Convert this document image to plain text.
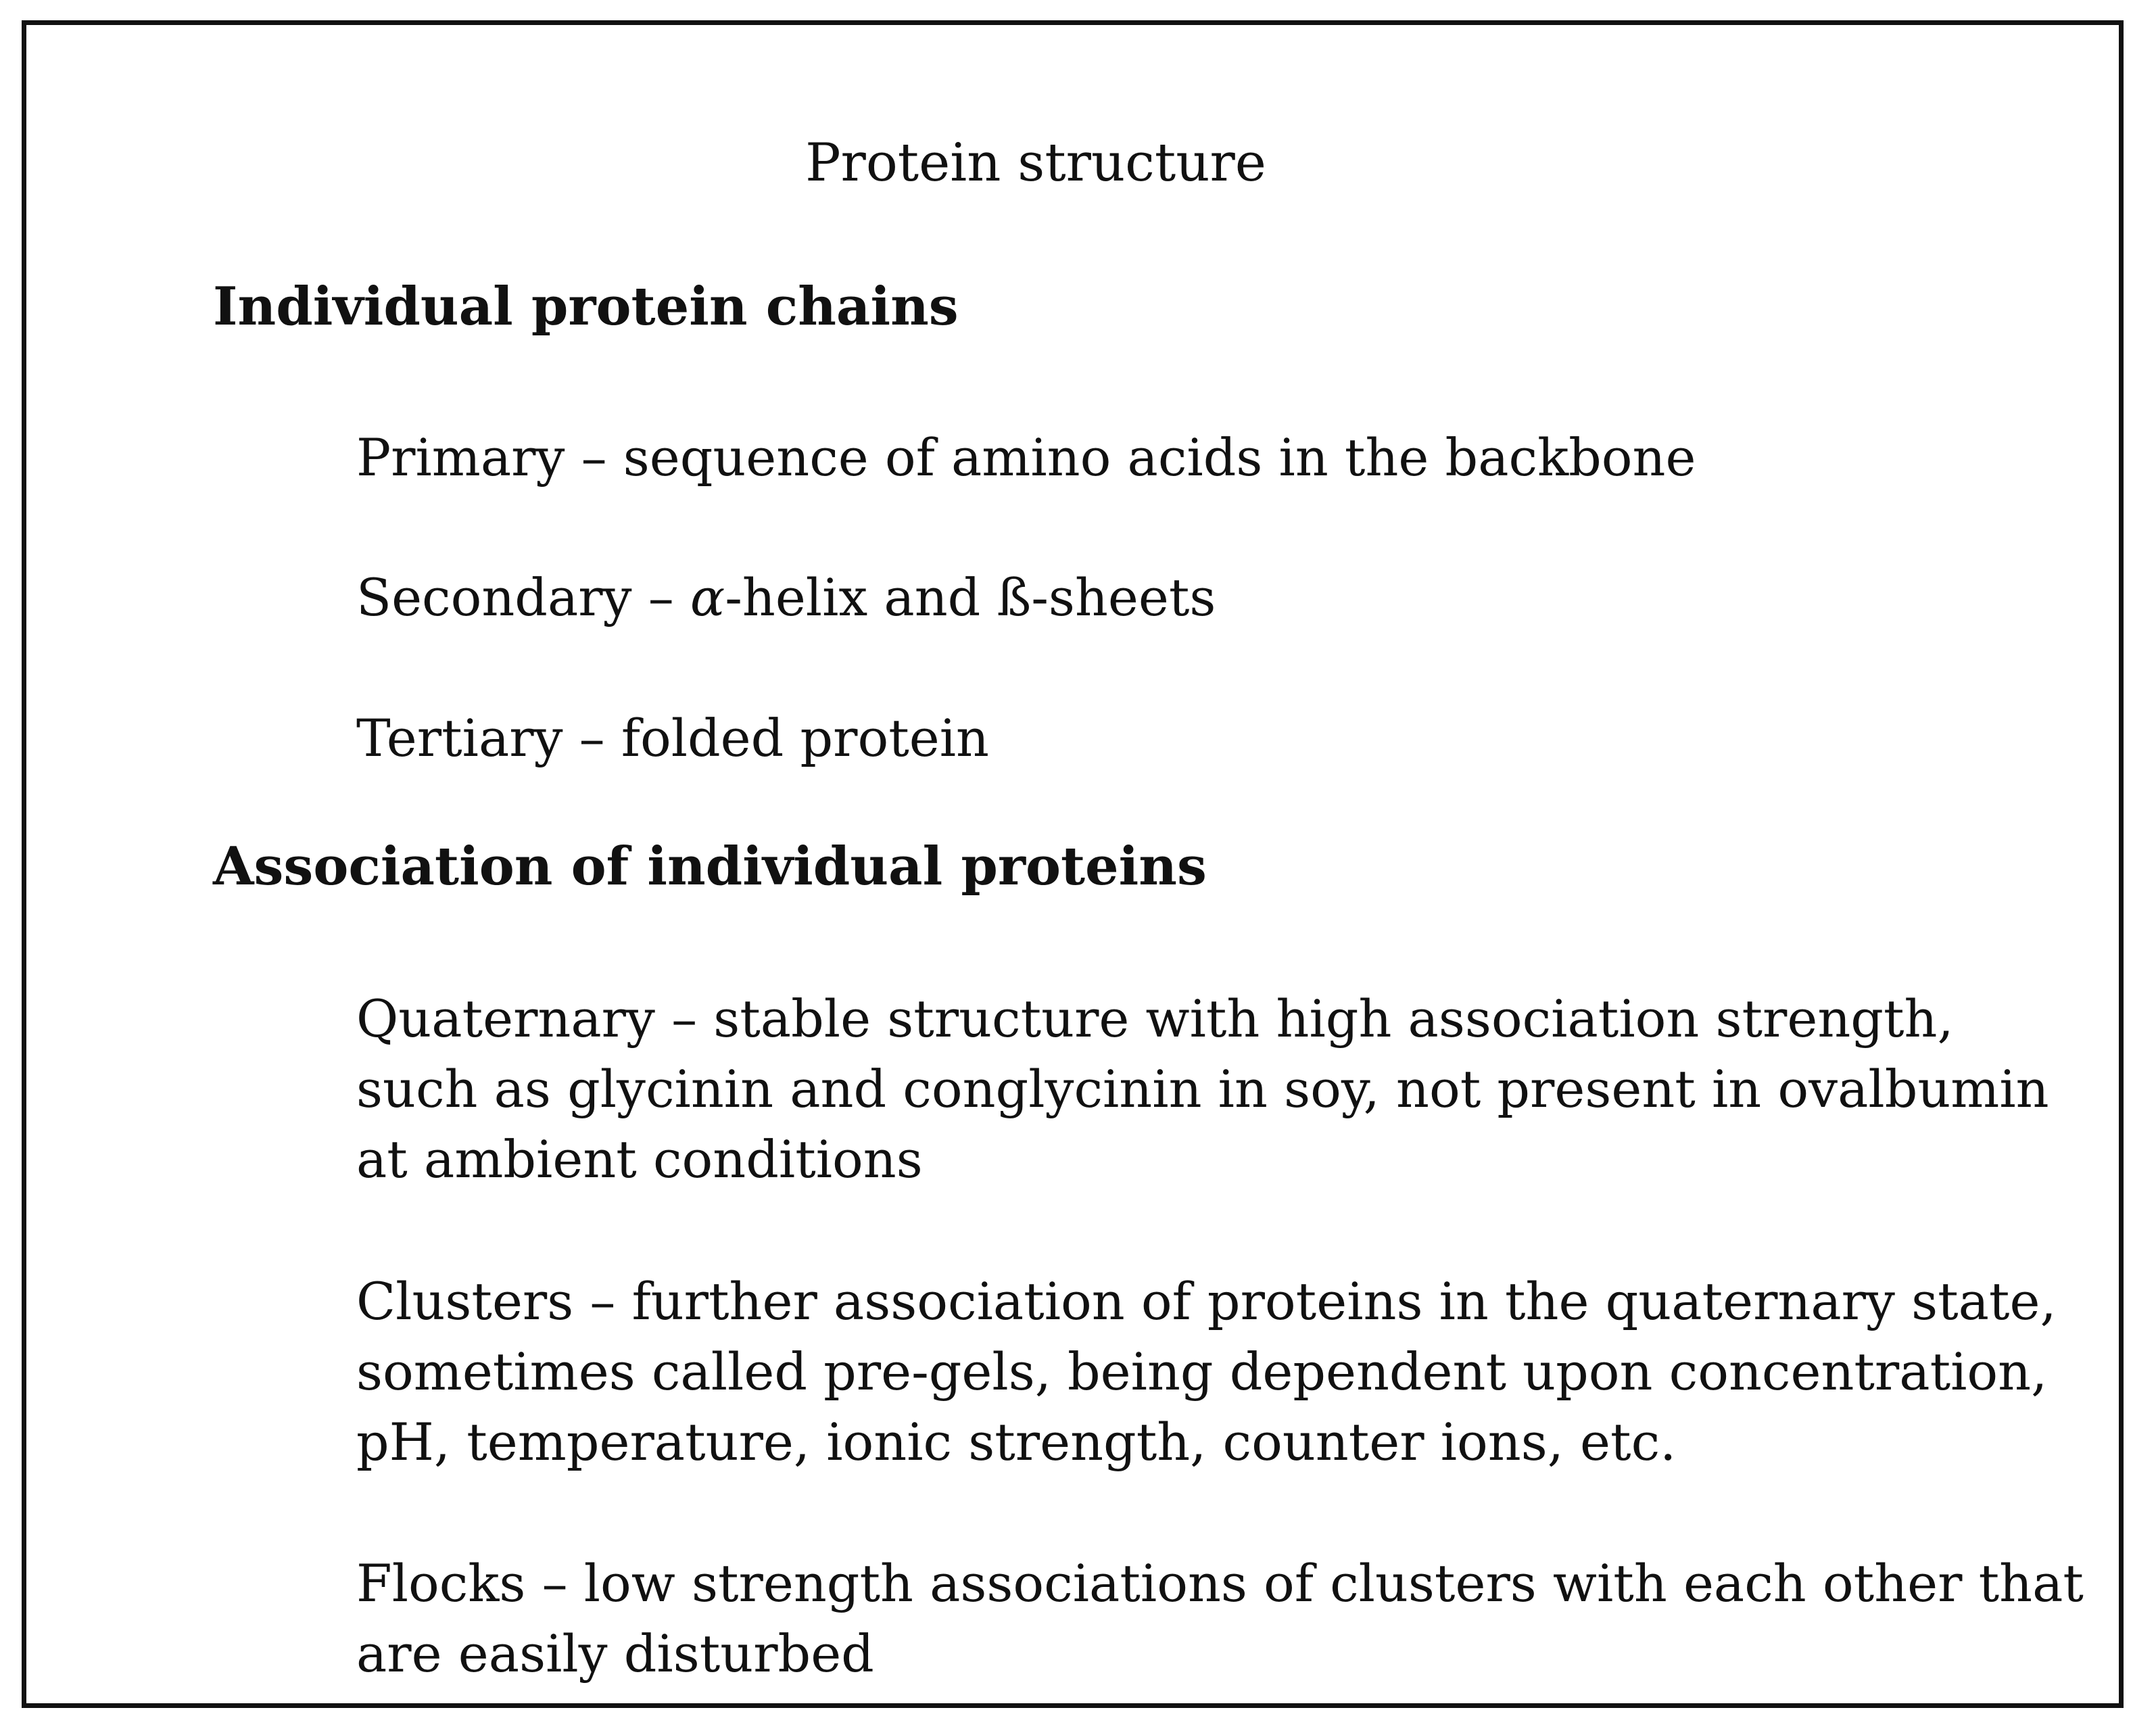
Protein structure
Individual protein chains
Primary – sequence of amino acids in the backbone
Secondary – α-helix and ß-sheets
Tertiary – folded protein
Association of individual proteins
Quaternary – stable structure with high association strength, such as glycinin and conglycinin in soy, not present in ovalbumin at ambient conditions
Clusters – further association of proteins in the quaternary state, sometimes called pre-gels, being dependent upon concentration, pH, temperature, ionic strength, counter ions, etc.
Flocks – low strength associations of clusters with each other that are easily disturbed
